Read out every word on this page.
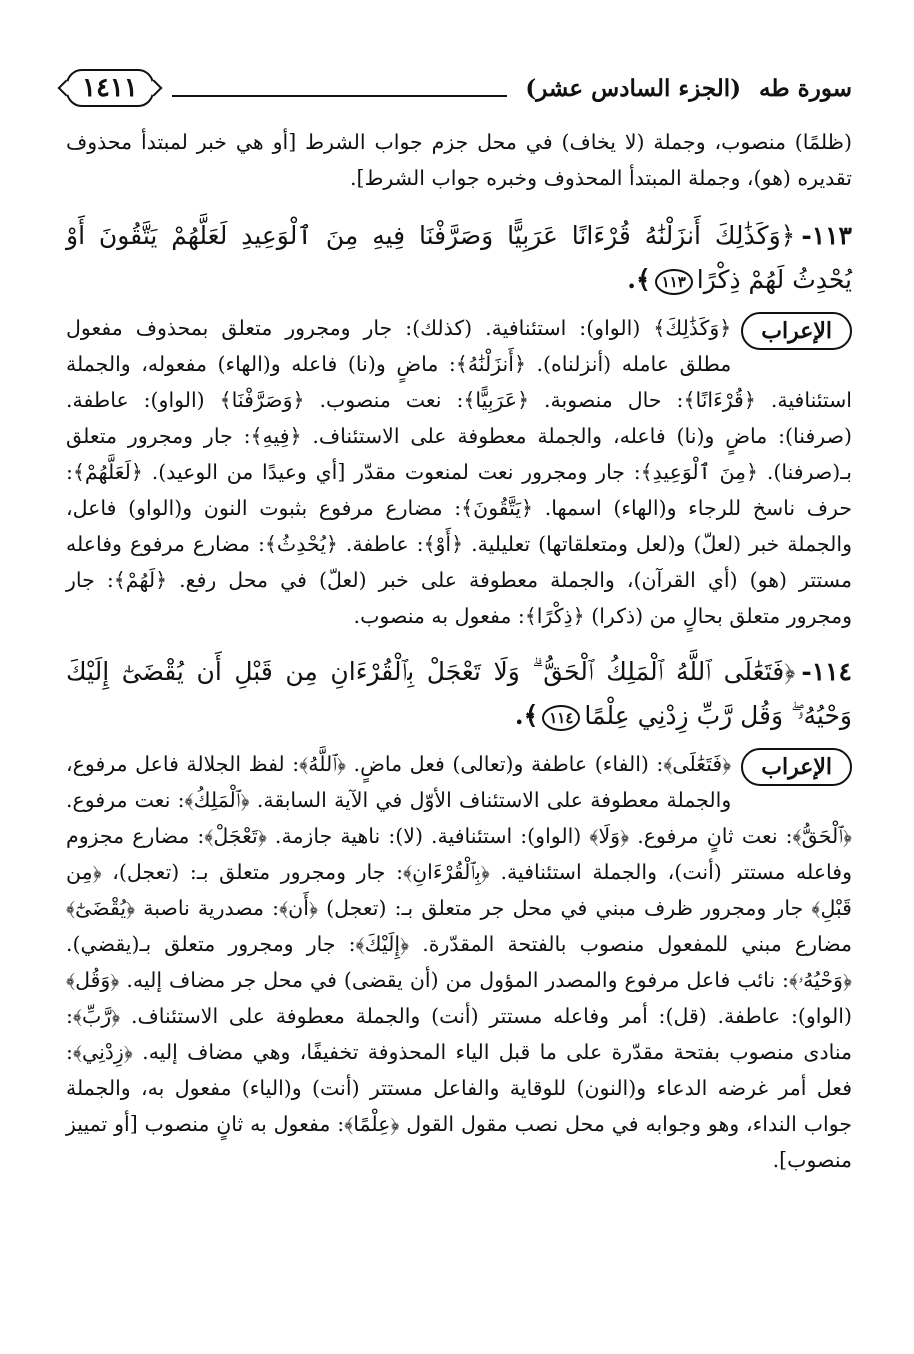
سورة طه
(الجزء السادس عشر)
١٤١١

(ظلمًا) منصوب، وجملة (لا يخاف) في محل جزم جواب الشرط [أو هي خبر لمبتدأ محذوف تقديره (هو)، وجملة المبتدأ المحذوف وخبره جواب الشرط].

١١٣-﴿وَكَذَٰلِكَ أَنزَلْنَٰهُ قُرْءَانًا عَرَبِيًّا وَصَرَّفْنَا فِيهِ مِنَ ٱلْوَعِيدِ لَعَلَّهُمْ يَتَّقُونَ أَوْ يُحْدِثُ لَهُمْ ذِكْرًا١١٣﴾.
الإعراب
﴿وَكَذَٰلِكَ﴾ (الواو): استئنافية. (كذلك): جار ومجرور متعلق بمحذوف مفعول مطلق عامله (أنزلناه). ﴿أَنزَلْنَٰهُ﴾: ماضٍ و(نا) فاعله و(الهاء) مفعوله، والجملة استئنافية. ﴿قُرْءَانًا﴾: حال منصوبة. ﴿عَرَبِيًّا﴾: نعت منصوب. ﴿وَصَرَّفْنَا﴾ (الواو): عاطفة. (صرفنا): ماضٍ و(نا) فاعله، والجملة معطوفة على الاستئناف. ﴿فِيهِ﴾: جار ومجرور متعلق بـ(صرفنا). ﴿مِنَ ٱلْوَعِيدِ﴾: جار ومجرور نعت لمنعوت مقدّر [أي وعيدًا من الوعيد). ﴿لَعَلَّهُمْ﴾: حرف ناسخ للرجاء و(الهاء) اسمها. ﴿يَتَّقُونَ﴾: مضارع مرفوع بثبوت النون و(الواو) فاعل، والجملة خبر (لعلّ) و(لعل ومتعلقاتها) تعليلية. ﴿أَوْ﴾: عاطفة. ﴿يُحْدِثُ﴾: مضارع مرفوع وفاعله مستتر (هو) (أي القرآن)، والجملة معطوفة على خبر (لعلّ) في محل رفع. ﴿لَهُمْ﴾: جار ومجرور متعلق بحالٍ من (ذكرا) ﴿ذِكْرًا﴾: مفعول به منصوب.
١١٤-﴿فَتَعَٰلَى ٱللَّهُ ٱلْمَلِكُ ٱلْحَقُّ ۗ وَلَا تَعْجَلْ بِٱلْقُرْءَانِ مِن قَبْلِ أَن يُقْضَىٰٓ إِلَيْكَ وَحْيُهُۥ ۖ وَقُل رَّبِّ زِدْنِي عِلْمًا١١٤﴾.
الإعراب
﴿فَتَعَٰلَى﴾: (الفاء) عاطفة و(تعالى) فعل ماضٍ. ﴿ٱللَّهُ﴾: لفظ الجلالة فاعل مرفوع، والجملة معطوفة على الاستئناف الأوّل في الآية السابقة. ﴿ٱلْمَلِكُ﴾: نعت مرفوع. ﴿ٱلْحَقُّ﴾: نعت ثانٍ مرفوع. ﴿وَلَا﴾ (الواو): استئنافية. (لا): ناهية جازمة. ﴿تَعْجَلْ﴾: مضارع مجزوم وفاعله مستتر (أنت)، والجملة استئنافية. ﴿بِٱلْقُرْءَانِ﴾: جار ومجرور متعلق بـ: (تعجل)، ﴿مِن قَبْلِ﴾ جار ومجرور ظرف مبني في محل جر متعلق بـ: (تعجل) ﴿أَن﴾: مصدرية ناصبة ﴿يُقْضَىٰٓ﴾ مضارع مبني للمفعول منصوب بالفتحة المقدّرة. ﴿إِلَيْكَ﴾: جار ومجرور متعلق بـ(يقضي). ﴿وَحْيُهُۥ﴾: نائب فاعل مرفوع والمصدر المؤول من (أن يقضى) في محل جر مضاف إليه. ﴿وَقُل﴾ (الواو): عاطفة. (قل): أمر وفاعله مستتر (أنت) والجملة معطوفة على الاستئناف. ﴿رَّبِّ﴾: منادى منصوب بفتحة مقدّرة على ما قبل الياء المحذوفة تخفيفًا، وهي مضاف إليه. ﴿زِدْنِي﴾: فعل أمر غرضه الدعاء و(النون) للوقاية والفاعل مستتر (أنت) و(الياء) مفعول به، والجملة جواب النداء، وهو وجوابه في محل نصب مقول القول ﴿عِلْمًا﴾: مفعول به ثانٍ منصوب [أو تمييز منصوب].
